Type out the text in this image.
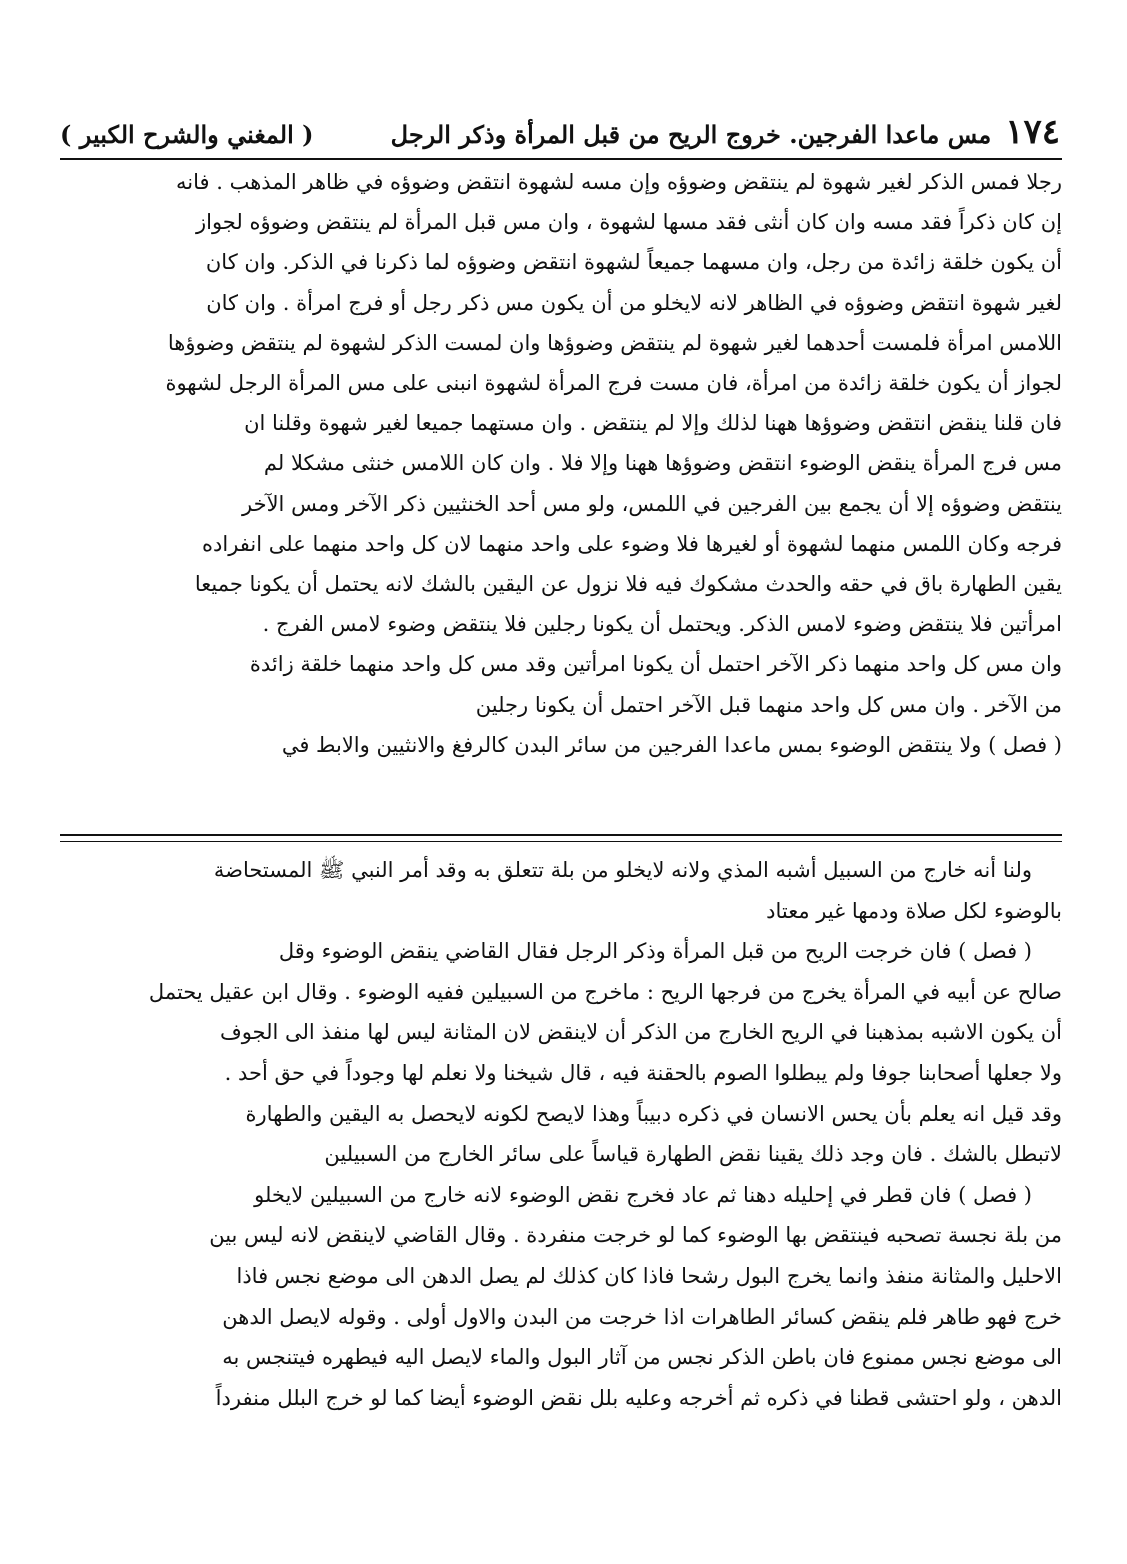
١٧٤
مس ماعدا الفرجين. خروج الريح من قبل المرأة وذكر الرجل
( المغني والشرح الكبير )

رجلا فمس الذكر لغير شهوة لم ينتقض وضوؤه وإن مسه لشهوة انتقض وضوؤه في ظاهر المذهب . فانه

إن كان ذكراً فقد مسه وان كان أنثى فقد مسها لشهوة ، وان مس قبل المرأة لم ينتقض وضوؤه لجواز

أن يكون خلقة زائدة من رجل، وان مسهما جميعاً لشهوة انتقض وضوؤه لما ذكرنا في الذكر. وان كان

لغير شهوة انتقض وضوؤه في الظاهر لانه لايخلو من أن يكون مس ذكر رجل أو فرج امرأة . وان كان

اللامس امرأة فلمست أحدهما لغير شهوة لم ينتقض وضوؤها وان لمست الذكر لشهوة لم ينتقض وضوؤها

لجواز أن يكون خلقة زائدة من امرأة، فان مست فرج المرأة لشهوة انبنى على مس المرأة الرجل لشهوة

فان قلنا ينقض انتقض وضوؤها ههنا لذلك وإلا لم ينتقض . وان مستهما جميعا لغير شهوة وقلنا ان

مس فرج المرأة ينقض الوضوء انتقض وضوؤها ههنا وإلا فلا . وان كان اللامس خنثى مشكلا لم

ينتقض وضوؤه إلا أن يجمع بين الفرجين في اللمس، ولو مس أحد الخنثيين ذكر الآخر ومس الآخر

فرجه وكان اللمس منهما لشهوة أو لغيرها فلا وضوء على واحد منهما لان كل واحد منهما على انفراده

يقين الطهارة باق في حقه والحدث مشكوك فيه فلا نزول عن اليقين بالشك لانه يحتمل أن يكونا جميعا

امرأتين فلا ينتقض وضوء لامس الذكر. ويحتمل أن يكونا رجلين فلا ينتقض وضوء لامس الفرج .

وان مس كل واحد منهما ذكر الآخر احتمل أن يكونا امرأتين وقد مس كل واحد منهما خلقة زائدة

من الآخر . وان مس كل واحد منهما قبل الآخر احتمل أن يكونا رجلين

( فصل ) ولا ينتقض الوضوء بمس ماعدا الفرجين من سائر البدن كالرفغ والانثيين والابط في

ولنا أنه خارج من السبيل أشبه المذي ولانه لايخلو من بلة تتعلق به وقد أمر النبي ﷺ المستحاضة

بالوضوء لكل صلاة ودمها غير معتاد

( فصل ) فان خرجت الريح من قبل المرأة وذكر الرجل فقال القاضي ينقض الوضوء وقل

صالح عن أبيه في المرأة يخرج من فرجها الريح : ماخرج من السبيلين ففيه الوضوء . وقال ابن عقيل يحتمل

أن يكون الاشبه بمذهبنا في الريح الخارج من الذكر أن لاينقض لان المثانة ليس لها منفذ الى الجوف

ولا جعلها أصحابنا جوفا ولم يبطلوا الصوم بالحقنة فيه ، قال شيخنا ولا نعلم لها وجوداً في حق أحد .

وقد قيل انه يعلم بأن يحس الانسان في ذكره دبيباً وهذا لايصح لكونه لايحصل به اليقين والطهارة

لاتبطل بالشك . فان وجد ذلك يقينا نقض الطهارة قياساً على سائر الخارج من السبيلين

( فصل ) فان قطر في إحليله دهنا ثم عاد فخرج نقض الوضوء لانه خارج من السبيلين لايخلو

من بلة نجسة تصحبه فينتقض بها الوضوء كما لو خرجت منفردة . وقال القاضي لاينقض لانه ليس بين

الاحليل والمثانة منفذ وانما يخرج البول رشحا فاذا كان كذلك لم يصل الدهن الى موضع نجس فاذا

خرج فهو طاهر فلم ينقض كسائر الطاهرات اذا خرجت من البدن والاول أولى . وقوله لايصل الدهن

الى موضع نجس ممنوع فان باطن الذكر نجس من آثار البول والماء لايصل اليه فيطهره فيتنجس به

الدهن ، ولو احتشى قطنا في ذكره ثم أخرجه وعليه بلل نقض الوضوء أيضا كما لو خرج البلل منفرداً
